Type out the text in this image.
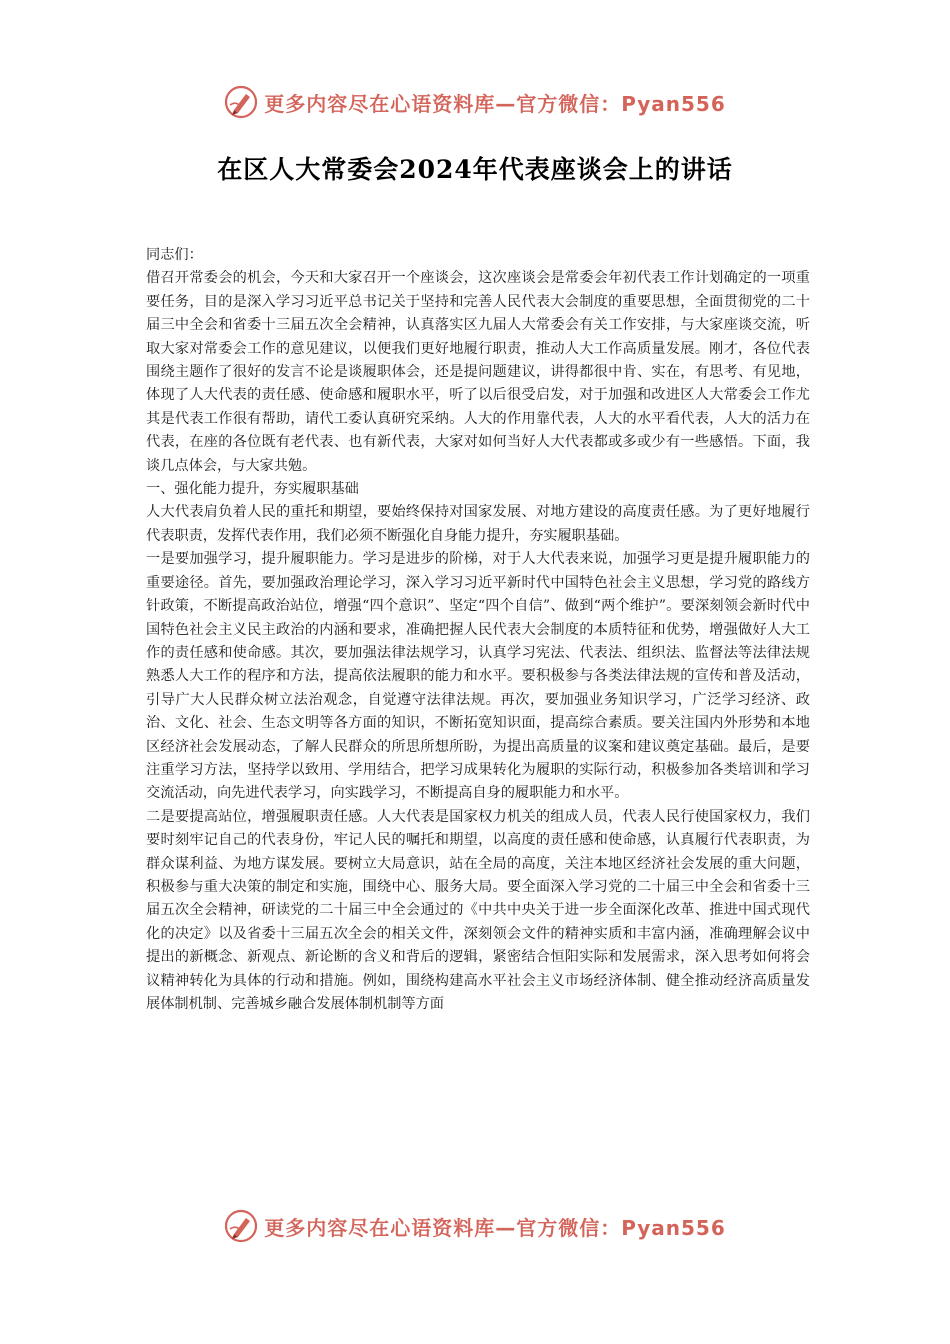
更多内容尽在心语资料库—官方微信：Pyan556
在区人大常委会2024年代表座谈会上的讲话

同志们：

借召开常委会的机会，今天和大家召开一个座谈会，这次座谈会是常委会年初代表工作计划确定的一项重要任务，目的是深入学习习近平总书记关于坚持和完善人民代表大会制度的重要思想，全面贯彻党的二十届三中全会和省委十三届五次全会精神，认真落实区九届人大常委会有关工作安排，与大家座谈交流，听取大家对常委会工作的意见建议，以便我们更好地履行职责，推动人大工作高质量发展。刚才，各位代表围绕主题作了很好的发言不论是谈履职体会，还是提问题建议，讲得都很中肯、实在，有思考、有见地，体现了人大代表的责任感、使命感和履职水平，听了以后很受启发，对于加强和改进区人大常委会工作尤其是代表工作很有帮助，请代工委认真研究采纳。人大的作用靠代表，人大的水平看代表，人大的活力在代表，在座的各位既有老代表、也有新代表，大家对如何当好人大代表都或多或少有一些感悟。下面，我谈几点体会，与大家共勉。

一、强化能力提升，夯实履职基础

人大代表肩负着人民的重托和期望，要始终保持对国家发展、对地方建设的高度责任感。为了更好地履行代表职责，发挥代表作用，我们必须不断强化自身能力提升，夯实履职基础。

一是要加强学习，提升履职能力。学习是进步的阶梯，对于人大代表来说，加强学习更是提升履职能力的重要途径。首先，要加强政治理论学习，深入学习习近平新时代中国特色社会主义思想，学习党的路线方针政策，不断提高政治站位，增强“四个意识”、坚定“四个自信”、做到“两个维护”。要深刻领会新时代中国特色社会主义民主政治的内涵和要求，准确把握人民代表大会制度的本质特征和优势，增强做好人大工作的责任感和使命感。其次，要加强法律法规学习，认真学习宪法、代表法、组织法、监督法等法律法规熟悉人大工作的程序和方法，提高依法履职的能力和水平。要积极参与各类法律法规的宣传和普及活动，引导广大人民群众树立法治观念，自觉遵守法律法规。再次，要加强业务知识学习，广泛学习经济、政治、文化、社会、生态文明等各方面的知识，不断拓宽知识面，提高综合素质。要关注国内外形势和本地区经济社会发展动态，了解人民群众的所思所想所盼，为提出高质量的议案和建议奠定基础。最后，是要注重学习方法，坚持学以致用、学用结合，把学习成果转化为履职的实际行动，积极参加各类培训和学习交流活动，向先进代表学习，向实践学习，不断提高自身的履职能力和水平。

二是要提高站位，增强履职责任感。人大代表是国家权力机关的组成人员，代表人民行使国家权力，我们要时刻牢记自己的代表身份，牢记人民的嘱托和期望，以高度的责任感和使命感，认真履行代表职责，为群众谋利益、为地方谋发展。要树立大局意识，站在全局的高度，关注本地区经济社会发展的重大问题，积极参与重大决策的制定和实施，围绕中心、服务大局。要全面深入学习党的二十届三中全会和省委十三届五次全会精神，研读党的二十届三中全会通过的《中共中央关于进一步全面深化改革、推进中国式现代化的决定》以及省委十三届五次全会的相关文件，深刻领会文件的精神实质和丰富内涵，准确理解会议中提出的新概念、新观点、新论断的含义和背后的逻辑，紧密结合恒阳实际和发展需求，深入思考如何将会议精神转化为具体的行动和措施。例如，围绕构建高水平社会主义市场经济体制、健全推动经济高质量发展体制机制、完善城乡融合发展体制机制等方面

更多内容尽在心语资料库—官方微信：Pyan556
